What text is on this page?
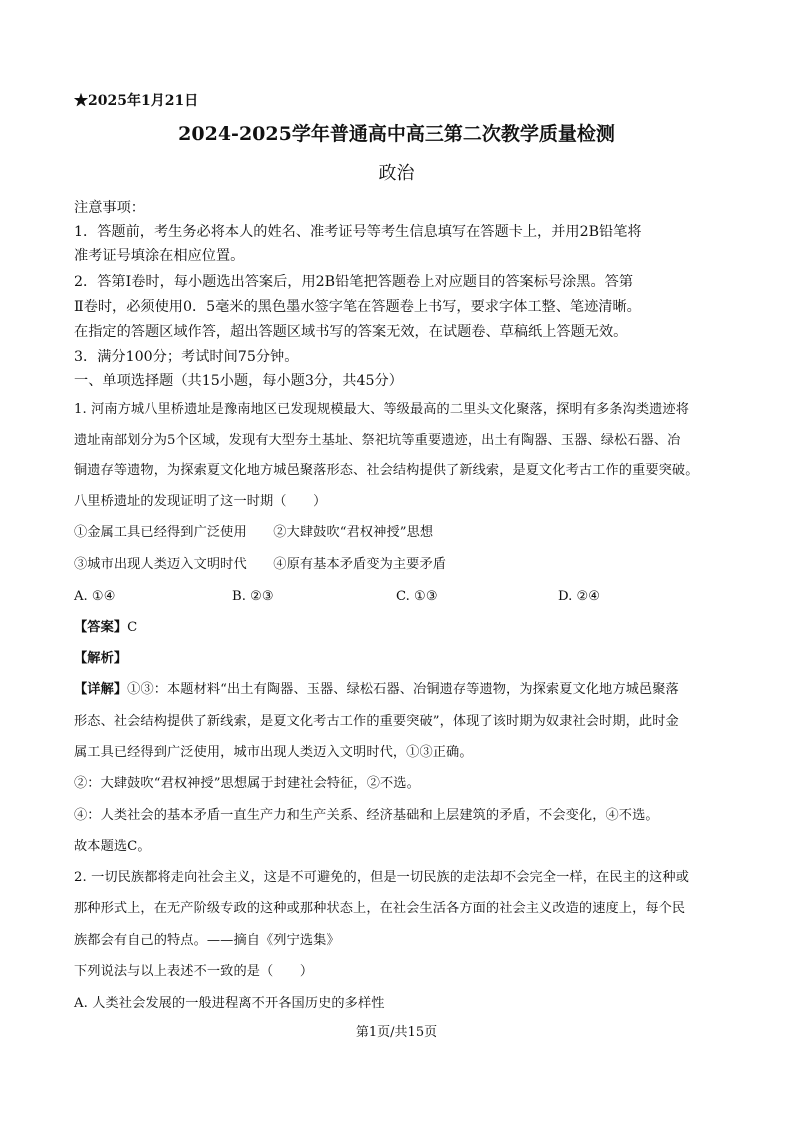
★2025年1月21日
2024-2025学年普通高中高三第二次教学质量检测
政治
注意事项：
1．答题前，考生务必将本人的姓名、准考证号等考生信息填写在答题卡上，并用2B铅笔将
准考证号填涂在相应位置。
2．答第Ⅰ卷时，每小题选出答案后，用2B铅笔把答题卷上对应题目的答案标号涂黑。答第
Ⅱ卷时，必须使用0．5毫米的黑色墨水签字笔在答题卷上书写，要求字体工整、笔迹清晰。
在指定的答题区域作答，超出答题区域书写的答案无效，在试题卷、草稿纸上答题无效。
3．满分100分；考试时间75分钟。
一、单项选择题（共15小题，每小题3分，共45分）
1. 河南方城八里桥遗址是豫南地区已发现规模最大、等级最高的二里头文化聚落，探明有多条沟类遗迹将
遗址南部划分为5个区域，发现有大型夯土基址、祭祀坑等重要遗迹，出土有陶器、玉器、绿松石器、冶
铜遗存等遗物，为探索夏文化地方城邑聚落形态、社会结构提供了新线索，是夏文化考古工作的重要突破。
八里桥遗址的发现证明了这一时期（　　）
①金属工具已经得到广泛使用　　②大肆鼓吹“君权神授”思想
③城市出现人类迈入文明时代　　④原有基本矛盾变为主要矛盾
A. ①④	B. ②③	C. ①③	D. ②④
【答案】C
【解析】
【详解】①③：本题材料“出土有陶器、玉器、绿松石器、冶铜遗存等遗物，为探索夏文化地方城邑聚落
形态、社会结构提供了新线索，是夏文化考古工作的重要突破”，体现了该时期为奴隶社会时期，此时金
属工具已经得到广泛使用，城市出现人类迈入文明时代，①③正确。
②：大肆鼓吹“君权神授”思想属于封建社会特征，②不选。
④：人类社会的基本矛盾一直生产力和生产关系、经济基础和上层建筑的矛盾，不会变化，④不选。
故本题选C。
2. 一切民族都将走向社会主义，这是不可避免的，但是一切民族的走法却不会完全一样，在民主的这种或
那种形式上，在无产阶级专政的这种或那种状态上，在社会生活各方面的社会主义改造的速度上，每个民
族都会有自己的特点。——摘自《列宁选集》
下列说法与以上表述不一致的是（　　）
A. 人类社会发展的一般进程离不开各国历史的多样性
第1页/共15页
